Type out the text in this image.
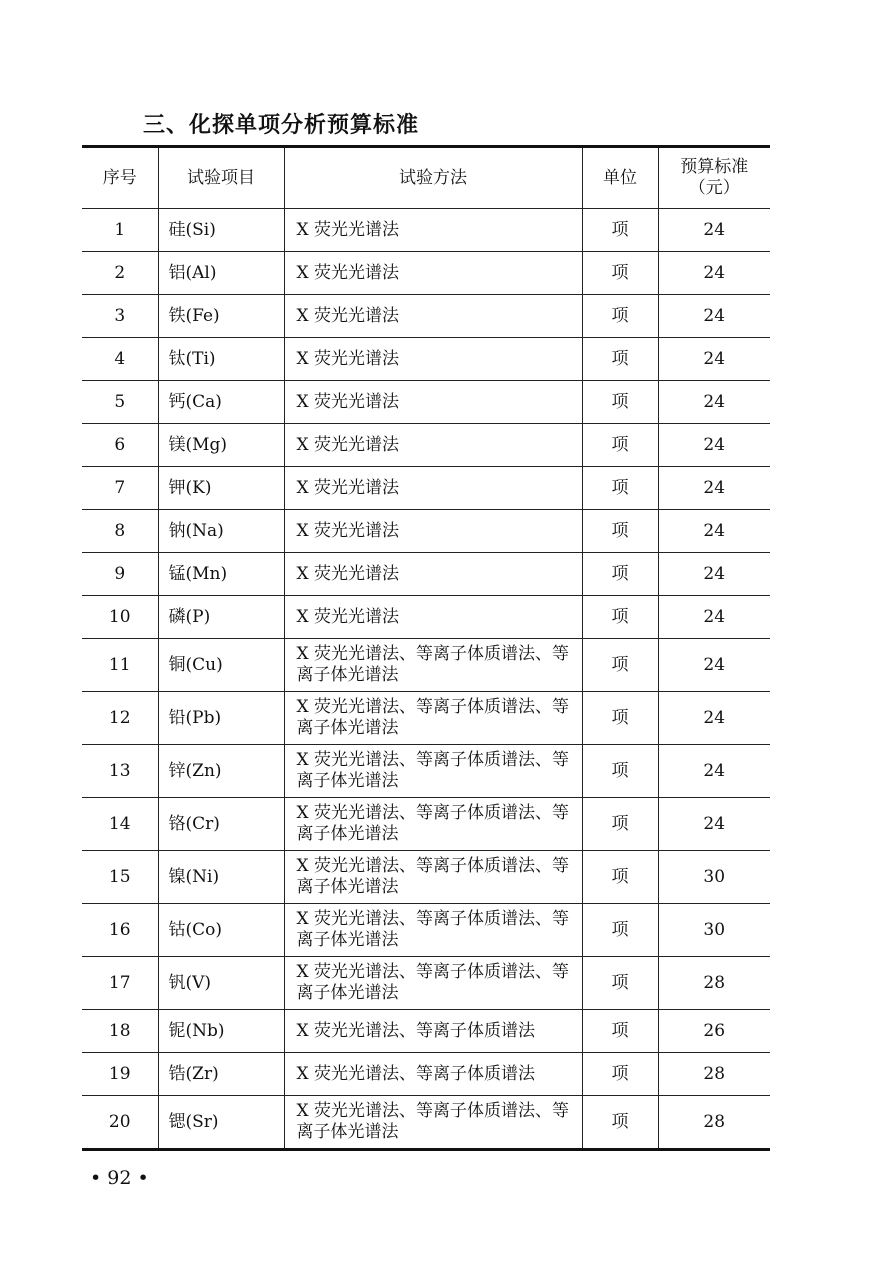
三、化探单项分析预算标准
序号	试验项目	试验方法	单位	预算标准
（元）

1	硅(Si)	X 荧光光谱法	项	24
2	铝(Al)	X 荧光光谱法	项	24
3	铁(Fe)	X 荧光光谱法	项	24
4	钛(Ti)	X 荧光光谱法	项	24
5	钙(Ca)	X 荧光光谱法	项	24
6	镁(Mg)	X 荧光光谱法	项	24
7	钾(K)	X 荧光光谱法	项	24
8	钠(Na)	X 荧光光谱法	项	24
9	锰(Mn)	X 荧光光谱法	项	24
10	磷(P)	X 荧光光谱法	项	24
11	铜(Cu)	X 荧光光谱法、等离子体质谱法、等离子体光谱法	项	24
12	铅(Pb)	X 荧光光谱法、等离子体质谱法、等离子体光谱法	项	24
13	锌(Zn)	X 荧光光谱法、等离子体质谱法、等离子体光谱法	项	24
14	铬(Cr)	X 荧光光谱法、等离子体质谱法、等离子体光谱法	项	24
15	镍(Ni)	X 荧光光谱法、等离子体质谱法、等离子体光谱法	项	30
16	钴(Co)	X 荧光光谱法、等离子体质谱法、等离子体光谱法	项	30
17	钒(V)	X 荧光光谱法、等离子体质谱法、等离子体光谱法	项	28
18	铌(Nb)	X 荧光光谱法、等离子体质谱法	项	26
19	锆(Zr)	X 荧光光谱法、等离子体质谱法	项	28
20	锶(Sr)	X 荧光光谱法、等离子体质谱法、等离子体光谱法	项	28
• 92 •
